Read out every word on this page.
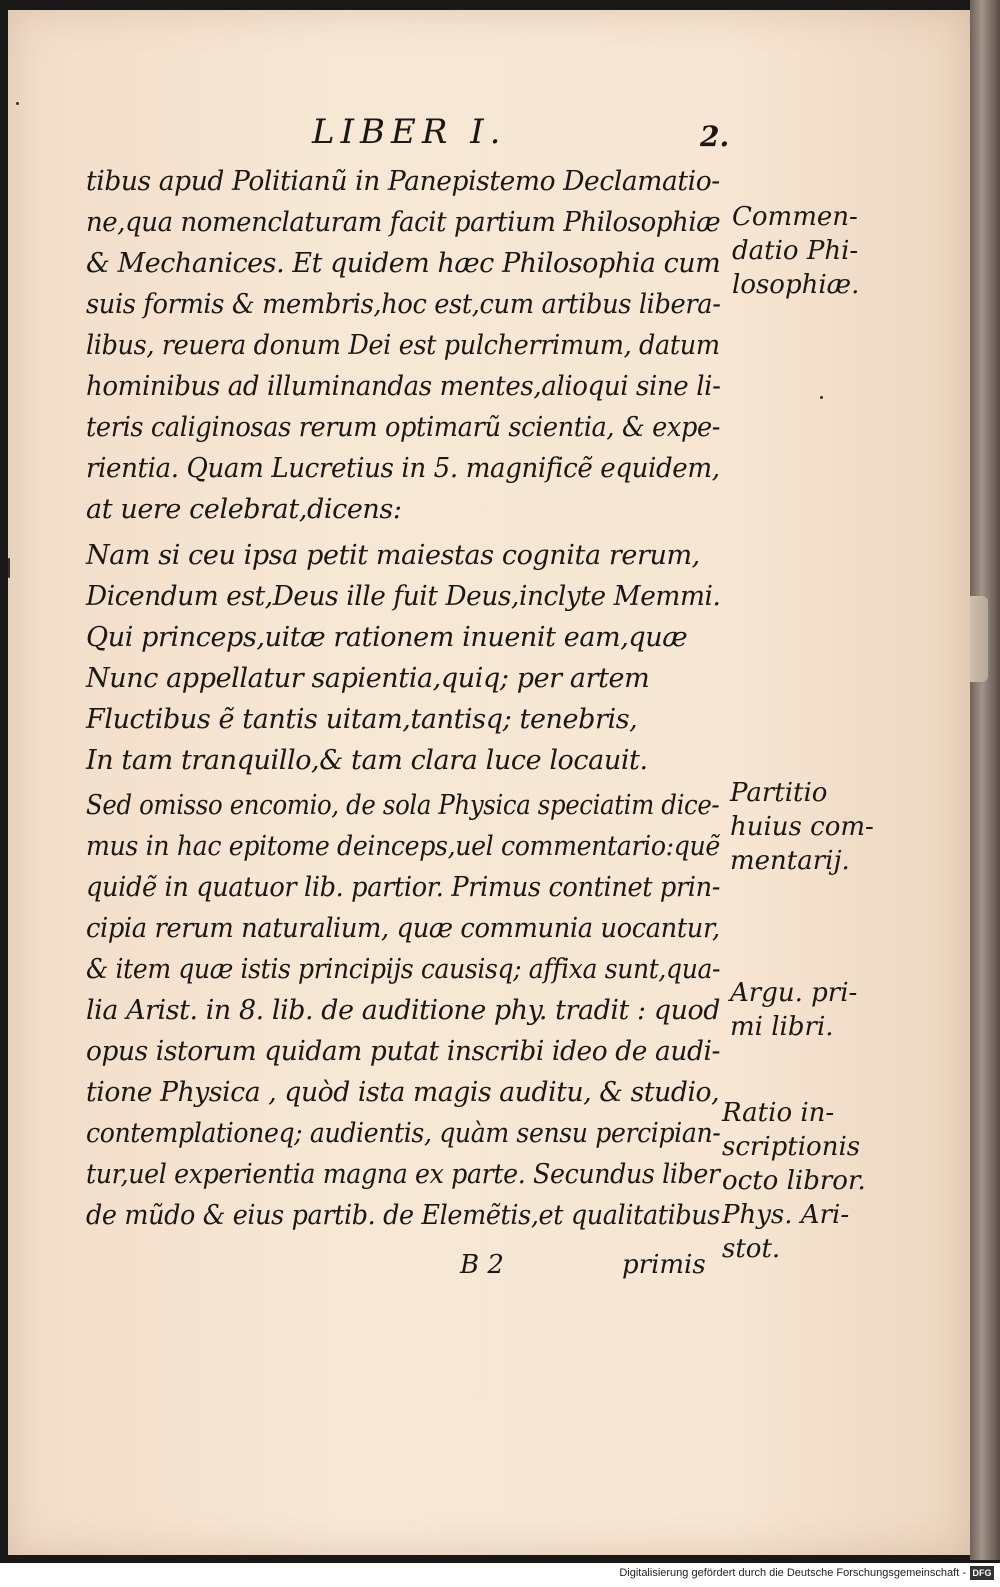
LIBER I.	2.
tibus apud Politianũ in Panepistemo Declamatio-
ne,qua nomenclaturam facit partium Philosophiæ
& Mechanices. Et quidem hæc Philosophia cum
suis formis & membris,hoc est,cum artibus libera-
libus, reuera donum Dei est pulcherrimum, datum
hominibus ad illuminandas mentes,alioqui sine li-
teris caliginosas rerum optimarũ scientia, & expe-
rientia. Quam Lucretius in 5. magnificẽ equidem,
at uere celebrat,dicens:
Nam si ceu ipsa petit maiestas cognita rerum,
Dicendum est,Deus ille fuit Deus,inclyte Memmi.
Qui princeps,uitæ rationem inuenit eam,quæ
Nunc appellatur sapientia,quiq; per artem
Fluctibus ẽ tantis uitam,tantisq; tenebris,
In tam tranquillo,& tam clara luce locauit.
Sed omisso encomio, de sola Physica speciatim dice-
mus in hac epitome deinceps,uel commentario:quẽ
quidẽ in quatuor lib. partior. Primus continet prin-
cipia rerum naturalium, quæ communia uocantur,
& item quæ istis principijs causisq; affixa sunt,qua-
lia Arist. in 8. lib. de auditione phy. tradit : quod
opus istorum quidam putat inscribi ideo de audi-
tione Physica , quòd ista magis auditu, & studio,
contemplationeq; audientis, quàm sensu percipian-
tur,uel experientia magna ex parte. Secundus liber
de mũdo & eius partib. de Elemẽtis,et qualitatibus
B 2	primis
Commen-
datio Phi-
losophiæ.
Partitio
huius com-
mentarij.
Argu. pri-
mi libri.
Ratio in-
scriptionis
octo libror.
Phys. Ari-
stot.
Digitalisierung gefördert durch die Deutsche Forschungsgemeinschaft - DFG
